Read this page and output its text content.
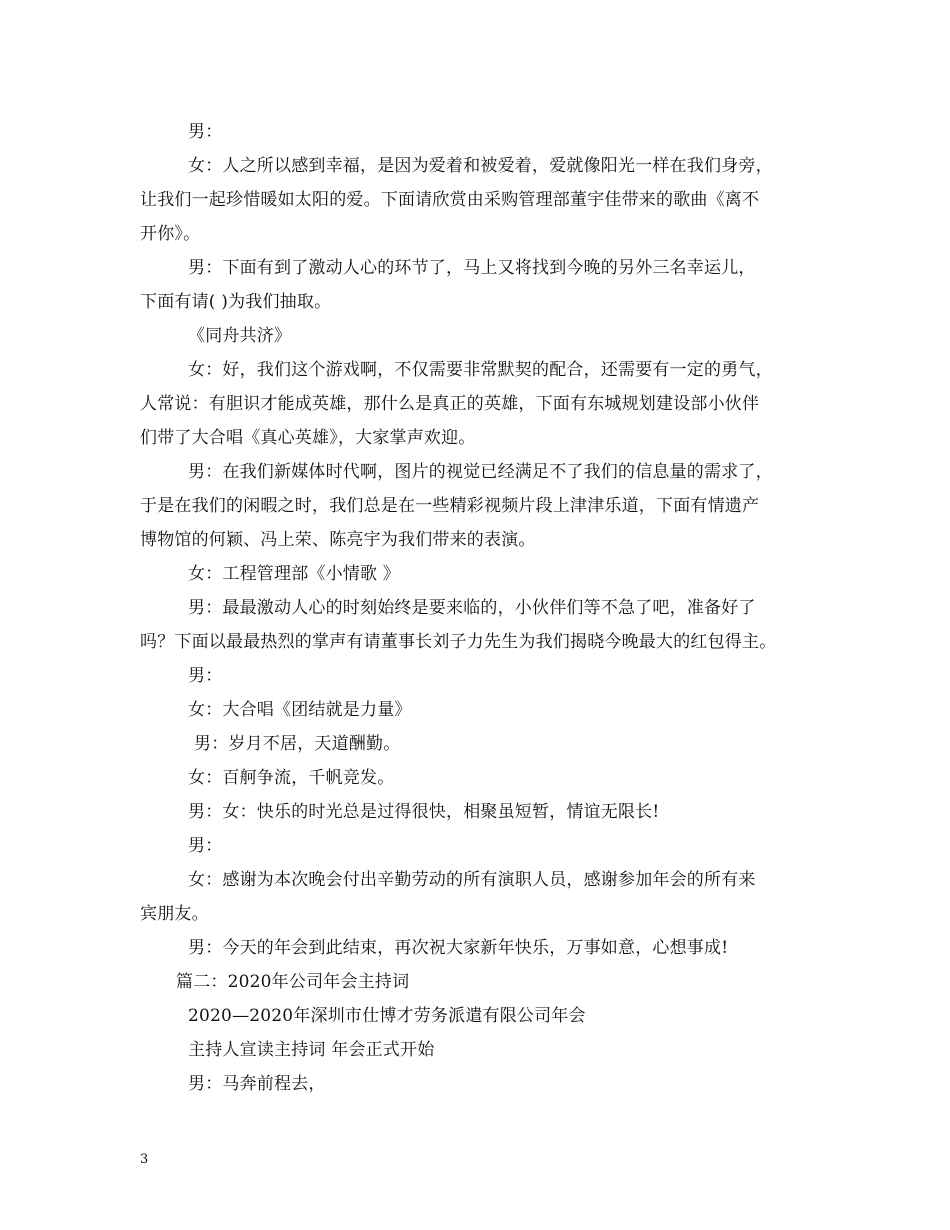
男：
女：人之所以感到幸福，是因为爱着和被爱着，爱就像阳光一样在我们身旁，
让我们一起珍惜暖如太阳的爱。下面请欣赏由采购管理部董宇佳带来的歌曲《离不
开你》。
男：下面有到了激动人心的环节了，马上又将找到今晚的另外三名幸运儿，
下面有请( )为我们抽取。
《同舟共济》
女：好，我们这个游戏啊，不仅需要非常默契的配合，还需要有一定的勇气，
人常说：有胆识才能成英雄，那什么是真正的英雄，下面有东城规划建设部小伙伴
们带了大合唱《真心英雄》，大家掌声欢迎。
男：在我们新媒体时代啊，图片的视觉已经满足不了我们的信息量的需求了，
于是在我们的闲暇之时，我们总是在一些精彩视频片段上津津乐道，下面有情遗产
博物馆的何颖、冯上荣、陈亮宇为我们带来的表演。
女：工程管理部《小情歌 》
男：最最激动人心的时刻始终是要来临的，小伙伴们等不急了吧，准备好了
吗？下面以最最热烈的掌声有请董事长刘子力先生为我们揭晓今晚最大的红包得主。
男：
女：大合唱《团结就是力量》
男：岁月不居，天道酬勤。
女：百舸争流，千帆竞发。
男：女：快乐的时光总是过得很快，相聚虽短暂，情谊无限长!
男：
女：感谢为本次晚会付出辛勤劳动的所有演职人员，感谢参加年会的所有来
宾朋友。
男：今天的年会到此结束，再次祝大家新年快乐，万事如意，心想事成!
篇二：2020年公司年会主持词
2020—2020年深圳市仕博才劳务派遣有限公司年会
主持人宣读主持词 年会正式开始
男：马奔前程去，
3
